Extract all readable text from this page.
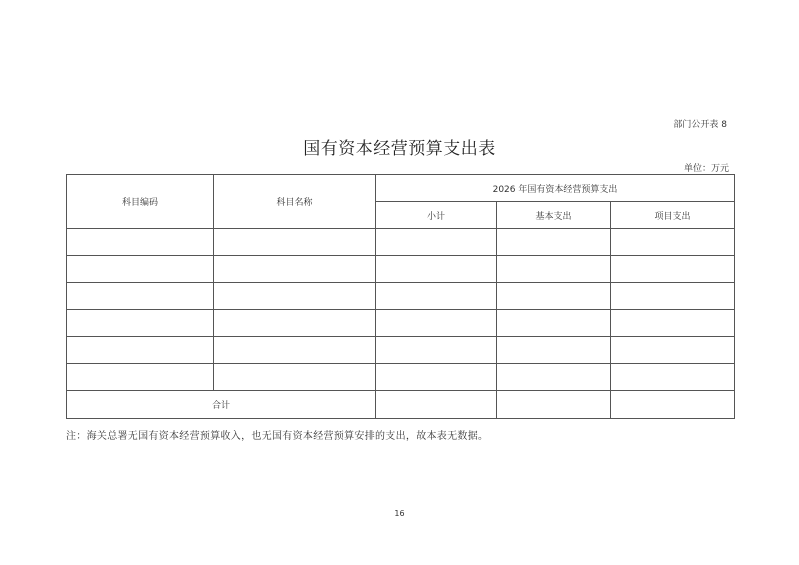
部门公开表 8
国有资本经营预算支出表
单位：万元
科目编码	科目名称	2026 年国有资本经营预算支出		
		小计	基本支出	项目支出

合计				
注：海关总署无国有资本经营预算收入，也无国有资本经营预算安排的支出，故本表无数据。
16
